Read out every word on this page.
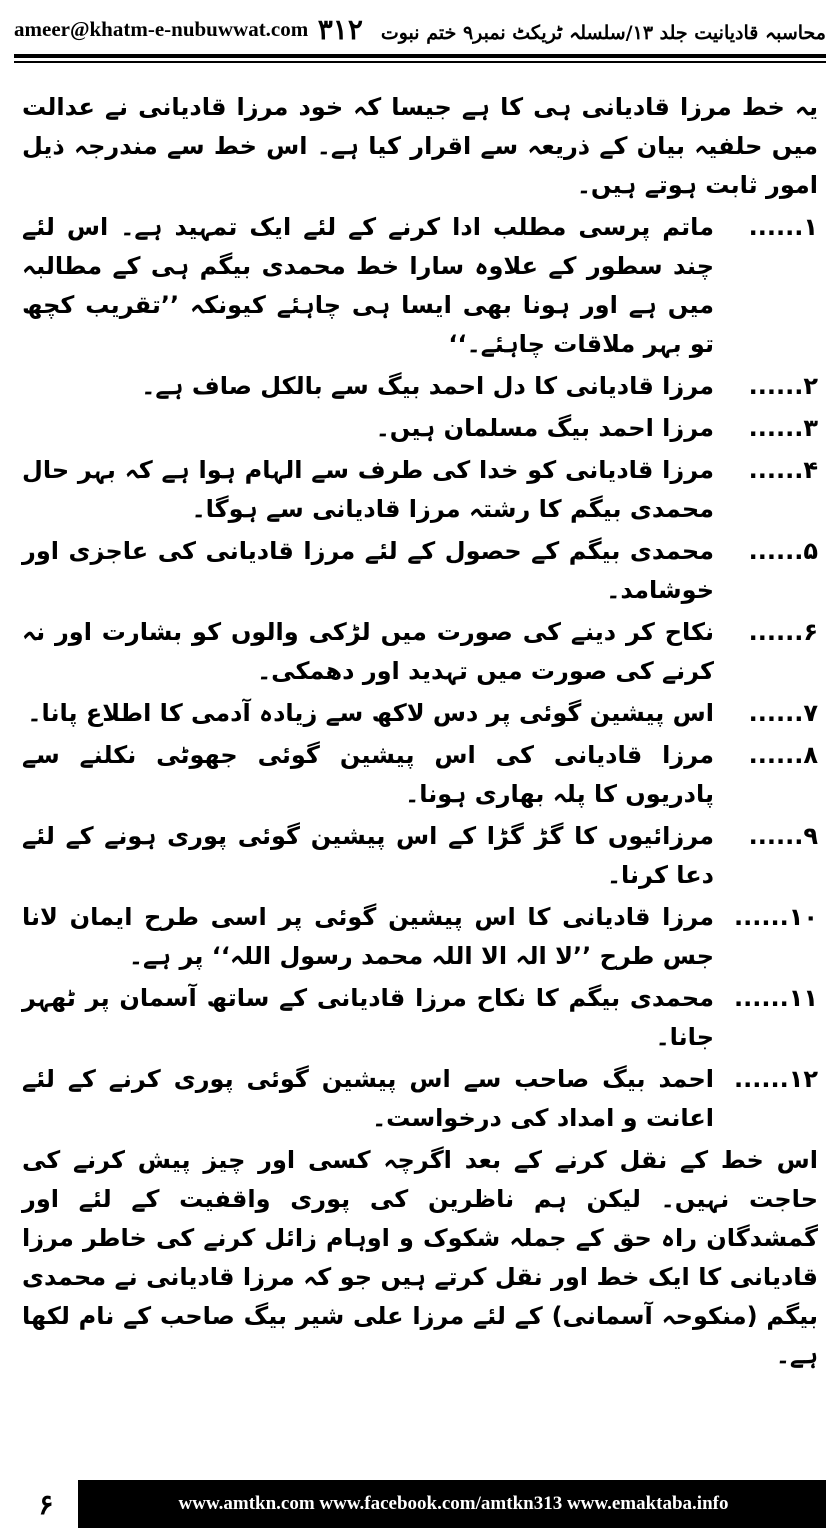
ameer@khatm-e-nubuwwat.com	محاسبہ قادیانیت جلد ۱۳/سلسلہ ٹریکٹ نمبر۹ ختم نبوت
۳۱۲

یہ خط مرزا قادیانی ہی کا ہے جیسا کہ خود مرزا قادیانی نے عدالت میں حلفیہ بیان کے ذریعہ سے اقرار کیا ہے۔ اس خط سے مندرجہ ذیل امور ثابت ہوتے ہیں۔

۱......
ماتم پرسی مطلب ادا کرنے کے لئے ایک تمہید ہے۔ اس لئے چند سطور کے علاوہ سارا خط محمدی بیگم ہی کے مطالبہ میں ہے اور ہونا بھی ایسا ہی چاہئے کیونکہ ’’تقریب کچھ تو بہر ملاقات چاہئے۔‘‘
۲......
مرزا قادیانی کا دل احمد بیگ سے بالکل صاف ہے۔
۳......
مرزا احمد بیگ مسلمان ہیں۔
۴......
مرزا قادیانی کو خدا کی طرف سے الہام ہوا ہے کہ بہر حال محمدی بیگم کا رشتہ مرزا قادیانی سے ہوگا۔
۵......
محمدی بیگم کے حصول کے لئے مرزا قادیانی کی عاجزی اور خوشامد۔
۶......
نکاح کر دینے کی صورت میں لڑکی والوں کو بشارت اور نہ کرنے کی صورت میں تہدید اور دھمکی۔
۷......
اس پیشین گوئی پر دس لاکھ سے زیادہ آدمی کا اطلاع پانا۔
۸......
مرزا قادیانی کی اس پیشین گوئی جھوٹی نکلنے سے پادریوں کا پلہ بھاری ہونا۔
۹......
مرزائیوں کا گڑ گڑا کے اس پیشین گوئی پوری ہونے کے لئے دعا کرنا۔
۱۰......
مرزا قادیانی کا اس پیشین گوئی پر اسی طرح ایمان لانا جس طرح ’’لا الہ الا اللہ محمد رسول اللہ‘‘ پر ہے۔
۱۱......
محمدی بیگم کا نکاح مرزا قادیانی کے ساتھ آسمان پر ٹھہر جانا۔
۱۲......
احمد بیگ صاحب سے اس پیشین گوئی پوری کرنے کے لئے اعانت و امداد کی درخواست۔

اس خط کے نقل کرنے کے بعد اگرچہ کسی اور چیز پیش کرنے کی حاجت نہیں۔ لیکن ہم ناظرین کی پوری واقفیت کے لئے اور گمشدگان راہ حق کے جملہ شکوک و اوہام زائل کرنے کی خاطر مرزا قادیانی کا ایک خط اور نقل کرتے ہیں جو کہ مرزا قادیانی نے محمدی بیگم (منکوحہ آسمانی) کے لئے مرزا علی شیر بیگ صاحب کے نام لکھا ہے۔

۶	www.amtkn.com www.facebook.com/amtkn313 www.emaktaba.info
